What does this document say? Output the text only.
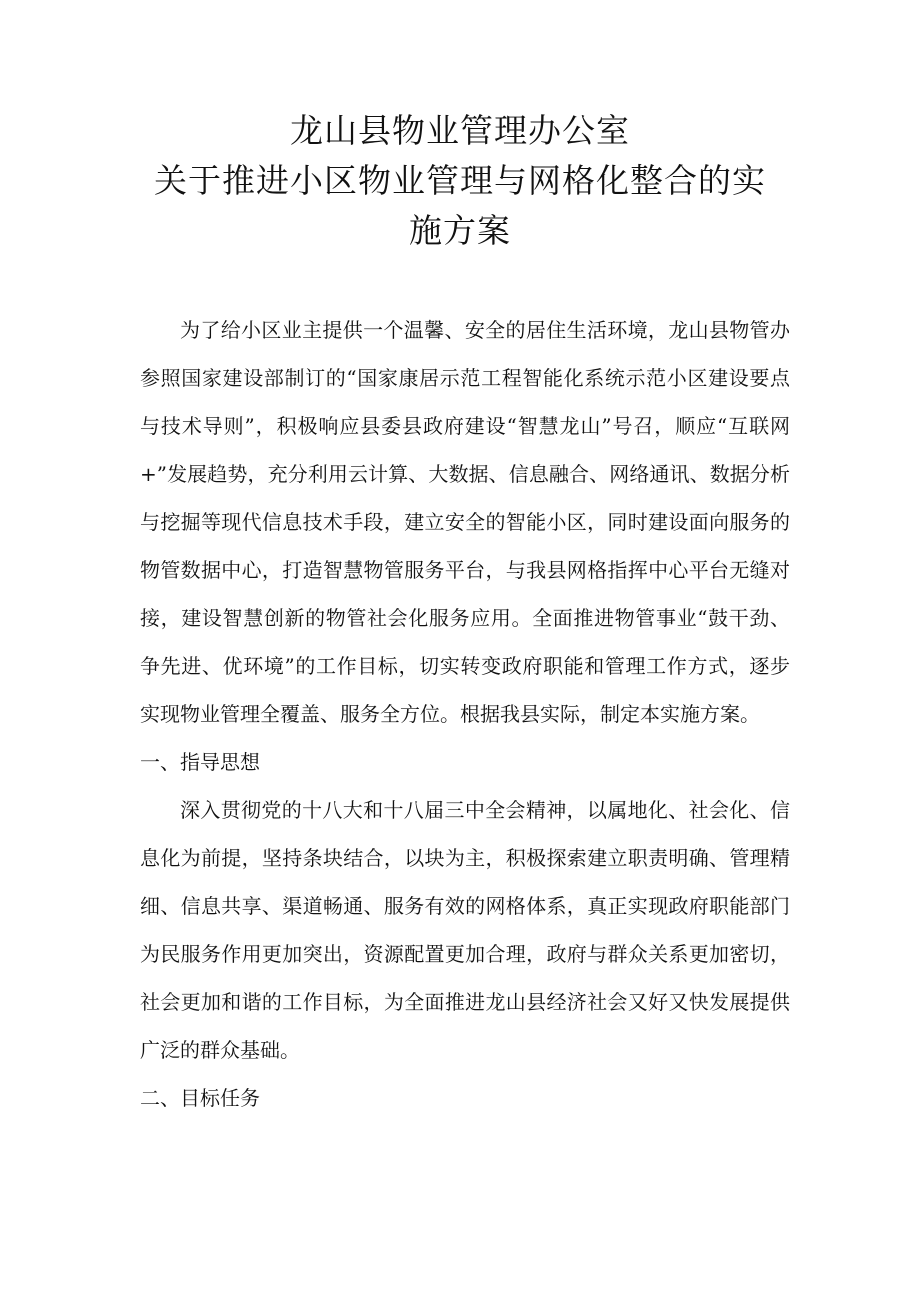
龙山县物业管理办公室
关于推进小区物业管理与网格化整合的实
施方案

为了给小区业主提供一个温馨、安全的居住生活环境，龙山县物管办参照国家建设部制订的“国家康居示范工程智能化系统示范小区建设要点与技术导则”，积极响应县委县政府建设“智慧龙山”号召，顺应“互联网+”发展趋势，充分利用云计算、大数据、信息融合、网络通讯、数据分析与挖掘等现代信息技术手段，建立安全的智能小区，同时建设面向服务的物管数据中心，打造智慧物管服务平台，与我县网格指挥中心平台无缝对接，建设智慧创新的物管社会化服务应用。全面推进物管事业“鼓干劲、争先进、优环境”的工作目标，切实转变政府职能和管理工作方式，逐步实现物业管理全覆盖、服务全方位。根据我县实际，制定本实施方案。

一、指导思想

深入贯彻党的十八大和十八届三中全会精神，以属地化、社会化、信息化为前提，坚持条块结合，以块为主，积极探索建立职责明确、管理精细、信息共享、渠道畅通、服务有效的网格体系，真正实现政府职能部门为民服务作用更加突出，资源配置更加合理，政府与群众关系更加密切，社会更加和谐的工作目标，为全面推进龙山县经济社会又好又快发展提供广泛的群众基础。

二、目标任务
